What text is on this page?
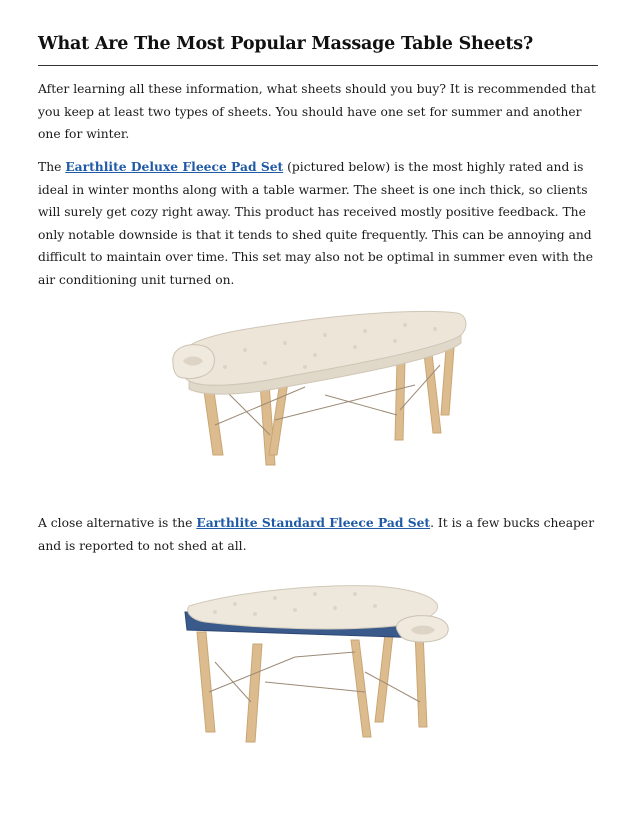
What Are The Most Popular Massage Table Sheets?

After learning all these information, what sheets should you buy? It is recommended that you keep at least two types of sheets. You should have one set for summer and another one for winter.

The Earthlite Deluxe Fleece Pad Set (pictured below) is the most highly rated and is ideal in winter months along with a table warmer. The sheet is one inch thick, so clients will surely get cozy right away. This product has received mostly positive feedback. The only notable downside is that it tends to shed quite frequently. This can be annoying and difficult to maintain over time. This set may also not be optimal in summer even with the air conditioning unit turned on.

A close alternative is the Earthlite Standard Fleece Pad Set. It is a few bucks cheaper and is reported to not shed at all.
